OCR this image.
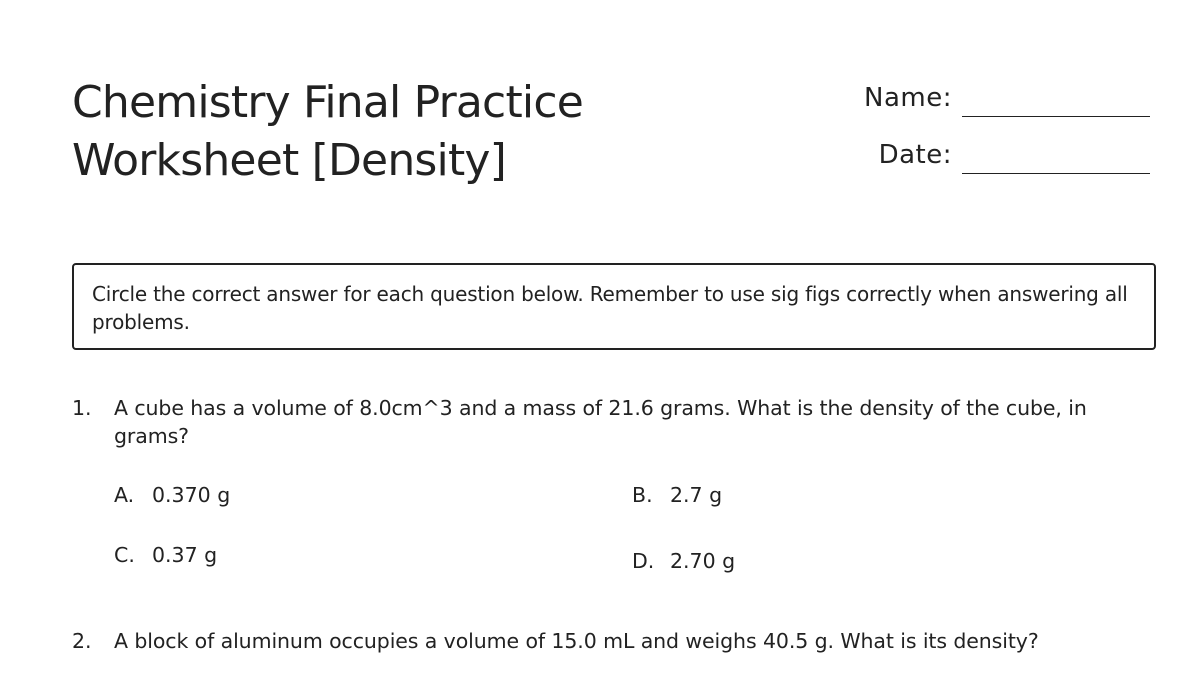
Chemistry Final Practice
Worksheet [Density]
Name:
Date:
Circle the correct answer for each question below. Remember to use sig figs correctly when answering all problems.
1.	A cube has a volume of 8.0cm^3 and a mass of 21.6 grams. What is the density of the cube, in grams?
A. 0.370 g	B. 2.7 g
C. 0.37 g	D. 2.70 g
2.	A block of aluminum occupies a volume of 15.0 mL and weighs 40.5 g. What is its density?
